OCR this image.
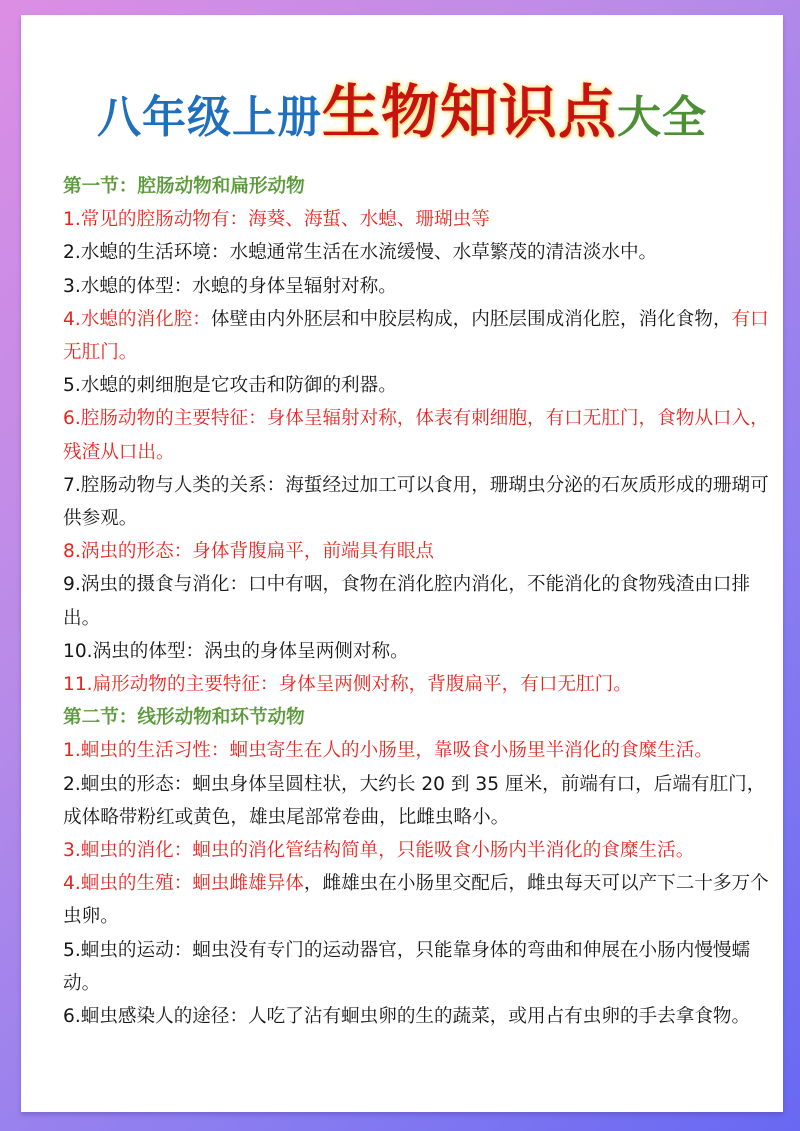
八年级上册生物知识点大全

第一节：腔肠动物和扁形动物

1.常见的腔肠动物有：海葵、海蜇、水螅、珊瑚虫等

2.水螅的生活环境：水螅通常生活在水流缓慢、水草繁茂的清洁淡水中。

3.水螅的体型：水螅的身体呈辐射对称。

4.水螅的消化腔：体壁由内外胚层和中胶层构成，内胚层围成消化腔，消化食物，有口无肛门。

5.水螅的刺细胞是它攻击和防御的利器。

6.腔肠动物的主要特征：身体呈辐射对称，体表有刺细胞，有口无肛门，食物从口入，残渣从口出。

7.腔肠动物与人类的关系：海蜇经过加工可以食用，珊瑚虫分泌的石灰质形成的珊瑚可供参观。

8.涡虫的形态：身体背腹扁平，前端具有眼点

9.涡虫的摄食与消化：口中有咽，食物在消化腔内消化，不能消化的食物残渣由口排出。

10.涡虫的体型：涡虫的身体呈两侧对称。

11.扁形动物的主要特征：身体呈两侧对称，背腹扁平，有口无肛门。

第二节：线形动物和环节动物

1.蛔虫的生活习性：蛔虫寄生在人的小肠里，靠吸食小肠里半消化的食糜生活。

2.蛔虫的形态：蛔虫身体呈圆柱状，大约长 20 到 35 厘米，前端有口，后端有肛门，成体略带粉红或黄色，雄虫尾部常卷曲，比雌虫略小。

3.蛔虫的消化：蛔虫的消化管结构简单，只能吸食小肠内半消化的食糜生活。

4.蛔虫的生殖：蛔虫雌雄异体，雌雄虫在小肠里交配后，雌虫每天可以产下二十多万个虫卵。

5.蛔虫的运动：蛔虫没有专门的运动器官，只能靠身体的弯曲和伸展在小肠内慢慢蠕动。

6.蛔虫感染人的途径：人吃了沾有蛔虫卵的生的蔬菜，或用占有虫卵的手去拿食物。
